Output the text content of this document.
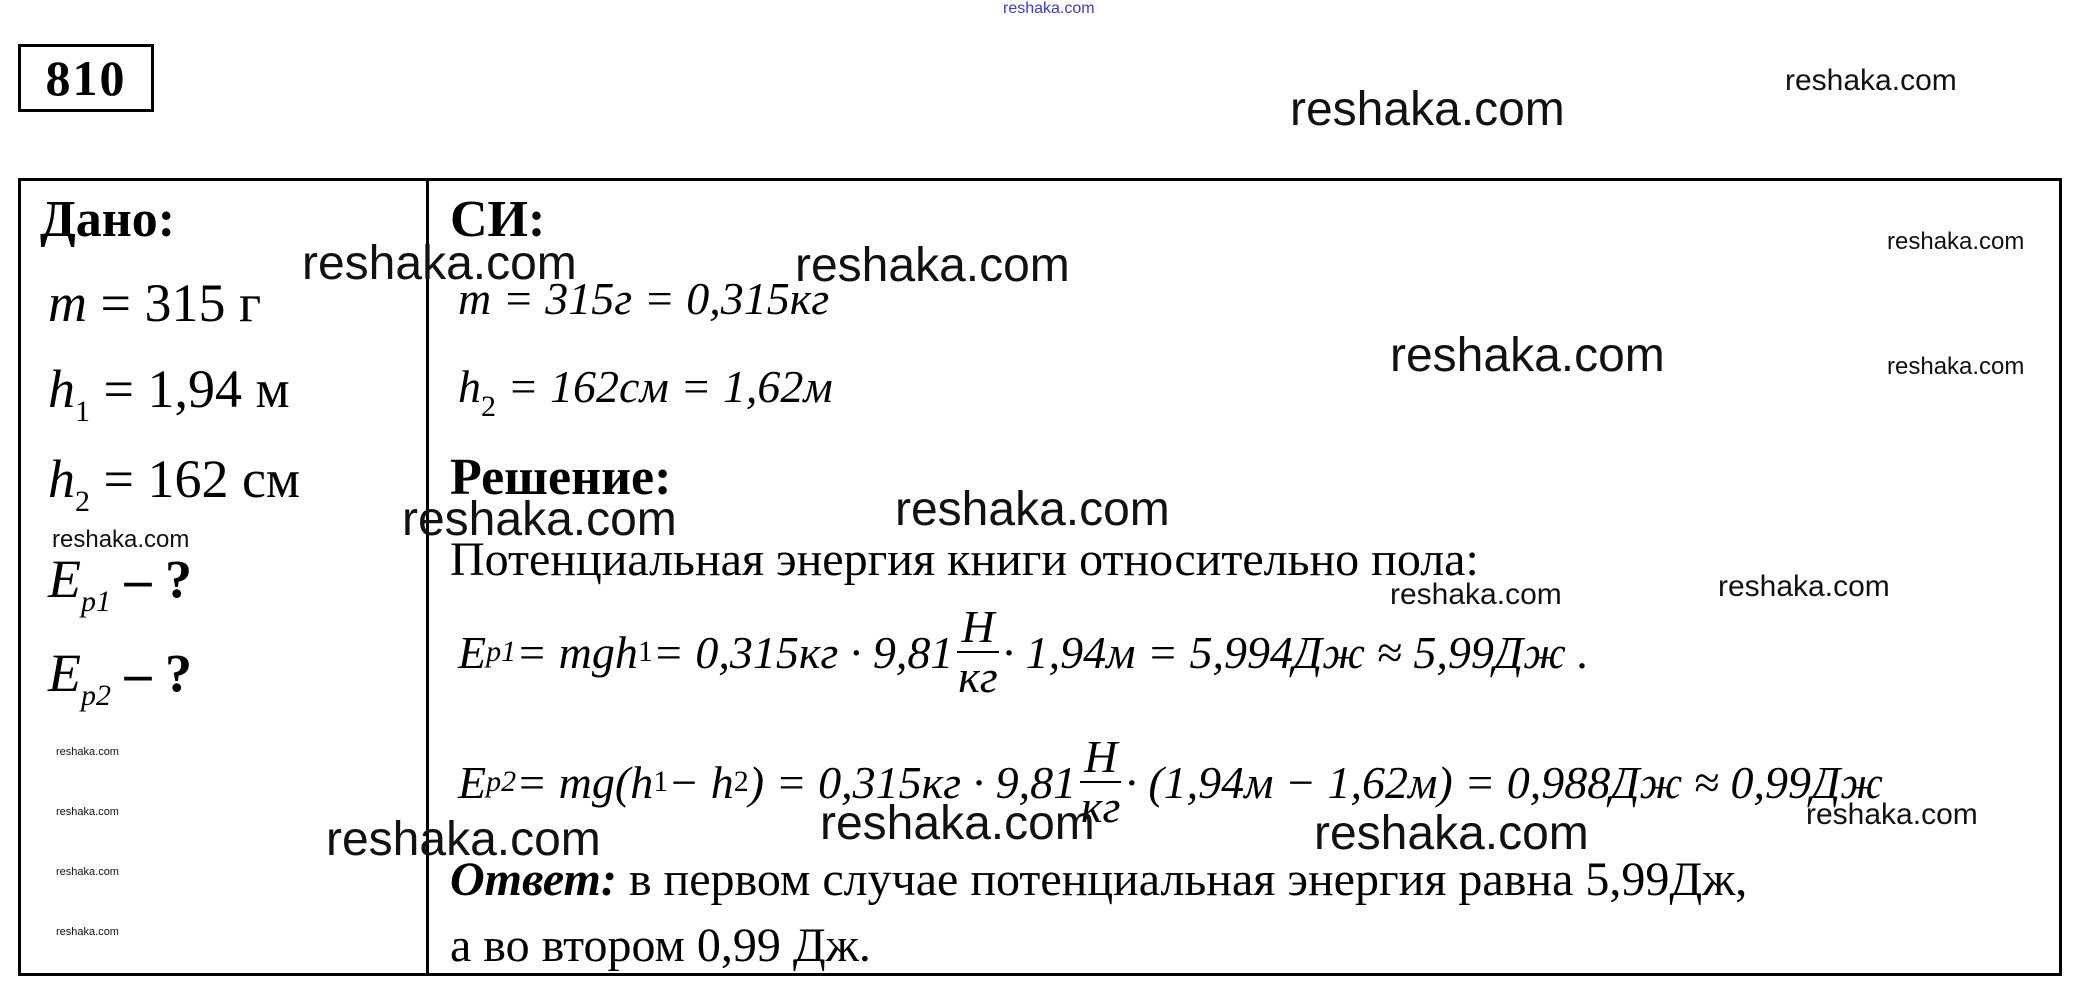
reshaka.com
810
reshaka.com
reshaka.com
Дано:
m = 315 г
$h_1 = 1,94$ м
$h_2 = 162$ см
$E_{p1}$ – ?
$E_{p2}$ – ?
СИ:
m = 315г = 0,315кг
$h_2 = 162см = 1,62м$
Решение:
Потенциальная энергия книги относительно пола:
E p1 = mgh $1 = 0,315кг \cdot 9,81 \frac{Н}{кг} \cdot 1,94м = 5,994Дж \approx 5,99Дж$ .
E p2 = mg(h 1 − h 2 ) = $0,315кг \cdot 9,81 \frac{Н}{кг} \cdot (1,94м - 1,62м) = 0,988Дж \approx 0,99Дж$
Ответ: в первом случае потенциальная энергия равна 5,99Дж,
а во втором 0,99 Дж.
reshaka.com	reshaka.com	reshaka.com
reshaka.com	reshaka.com
reshaka.com
reshaka.com
reshaka.com
reshaka.com	reshaka.com
reshaka.com
reshaka.com
reshaka.com
reshaka.com
reshaka.com	reshaka.com
reshaka.com	reshaka.com
